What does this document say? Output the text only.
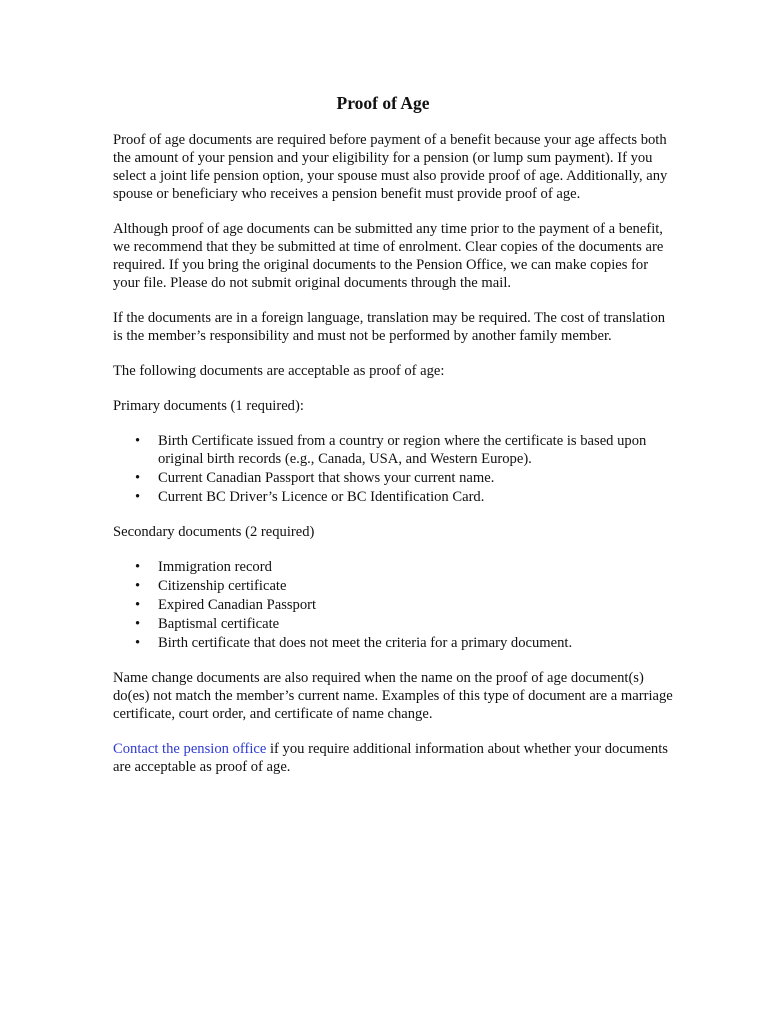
Proof of Age

Proof of age documents are required before payment of a benefit because your age affects both the amount of your pension and your eligibility for a pension (or lump sum payment). If you select a joint life pension option, your spouse must also provide proof of age. Additionally, any spouse or beneficiary who receives a pension benefit must provide proof of age.

Although proof of age documents can be submitted any time prior to the payment of a benefit, we recommend that they be submitted at time of enrolment. Clear copies of the documents are required. If you bring the original documents to the Pension Office, we can make copies for your file. Please do not submit original documents through the mail.

If the documents are in a foreign language, translation may be required. The cost of translation is the member’s responsibility and must not be performed by another family member.

The following documents are acceptable as proof of age:

Primary documents (1 required):

• Birth Certificate issued from a country or region where the certificate is based upon original birth records (e.g., Canada, USA, and Western Europe).
• Current Canadian Passport that shows your current name.
• Current BC Driver’s Licence or BC Identification Card.

Secondary documents (2 required)

• Immigration record
• Citizenship certificate
• Expired Canadian Passport
• Baptismal certificate
• Birth certificate that does not meet the criteria for a primary document.

Name change documents are also required when the name on the proof of age document(s) do(es) not match the member’s current name. Examples of this type of document are a marriage certificate, court order, and certificate of name change.

Contact the pension office if you require additional information about whether your documents are acceptable as proof of age.
